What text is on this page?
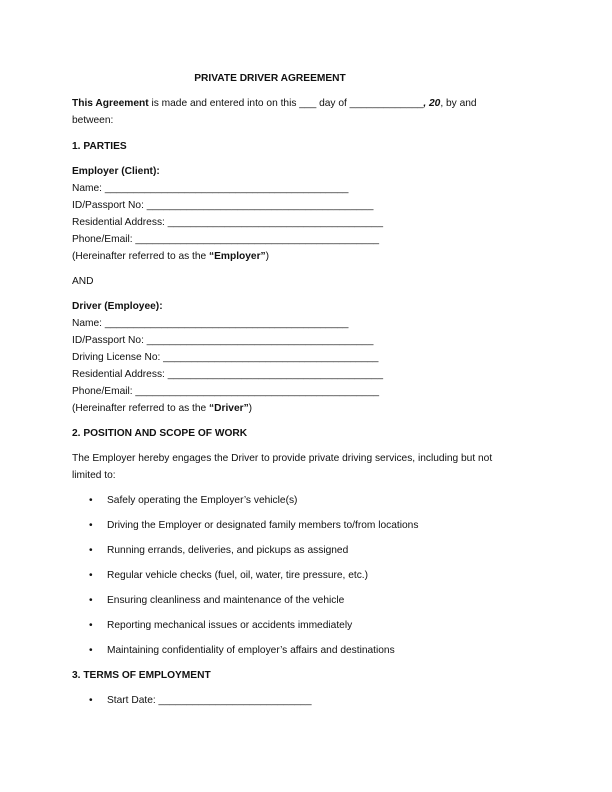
PRIVATE DRIVER AGREEMENT
This Agreement is made and entered into on this ___ day of _____________, 20, by and
between:
1. PARTIES
Employer (Client):
Name: ___________________________________________
ID/Passport No: ________________________________________
Residential Address: ______________________________________
Phone/Email: ___________________________________________
(Hereinafter referred to as the “Employer”)
AND
Driver (Employee):
Name: ___________________________________________
ID/Passport No: ________________________________________
Driving License No: ______________________________________
Residential Address: ______________________________________
Phone/Email: ___________________________________________
(Hereinafter referred to as the “Driver”)
2. POSITION AND SCOPE OF WORK
The Employer hereby engages the Driver to provide private driving services, including but not
limited to:
• Safely operating the Employer’s vehicle(s)
• Driving the Employer or designated family members to/from locations
• Running errands, deliveries, and pickups as assigned
• Regular vehicle checks (fuel, oil, water, tire pressure, etc.)
• Ensuring cleanliness and maintenance of the vehicle
• Reporting mechanical issues or accidents immediately
• Maintaining confidentiality of employer’s affairs and destinations
3. TERMS OF EMPLOYMENT
• Start Date: ___________________________
